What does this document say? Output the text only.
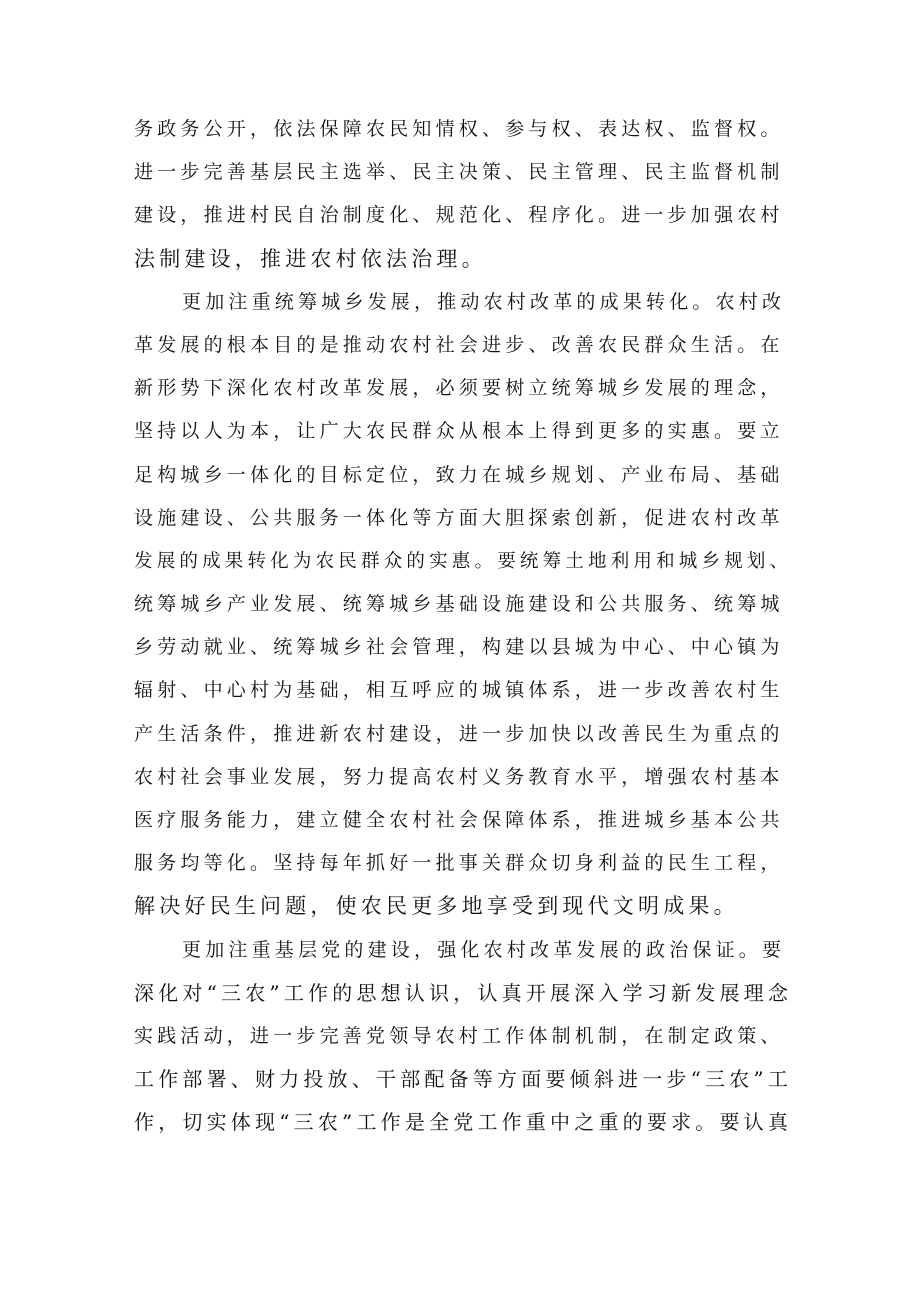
务政务公开，依法保障农民知情权、参与权、表达权、监督权。
进一步完善基层民主选举、民主决策、民主管理、民主监督机制
建设，推进村民自治制度化、规范化、程序化。进一步加强农村
法制建设，推进农村依法治理。
更加注重统筹城乡发展，推动农村改革的成果转化。农村改
革发展的根本目的是推动农村社会进步、改善农民群众生活。在
新形势下深化农村改革发展，必须要树立统筹城乡发展的理念，
坚持以人为本，让广大农民群众从根本上得到更多的实惠。要立
足构城乡一体化的目标定位，致力在城乡规划、产业布局、基础
设施建设、公共服务一体化等方面大胆探索创新，促进农村改革
发展的成果转化为农民群众的实惠。要统筹土地利用和城乡规划、
统筹城乡产业发展、统筹城乡基础设施建设和公共服务、统筹城
乡劳动就业、统筹城乡社会管理，构建以县城为中心、中心镇为
辐射、中心村为基础，相互呼应的城镇体系，进一步改善农村生
产生活条件，推进新农村建设，进一步加快以改善民生为重点的
农村社会事业发展，努力提高农村义务教育水平，增强农村基本
医疗服务能力，建立健全农村社会保障体系，推进城乡基本公共
服务均等化。坚持每年抓好一批事关群众切身利益的民生工程，
解决好民生问题，使农民更多地享受到现代文明成果。
更加注重基层党的建设，强化农村改革发展的政治保证。要
深化对“三农”工作的思想认识，认真开展深入学习新发展理念
实践活动，进一步完善党领导农村工作体制机制，在制定政策、
工作部署、财力投放、干部配备等方面要倾斜进一步“三农”工
作，切实体现“三农”工作是全党工作重中之重的要求。要认真
